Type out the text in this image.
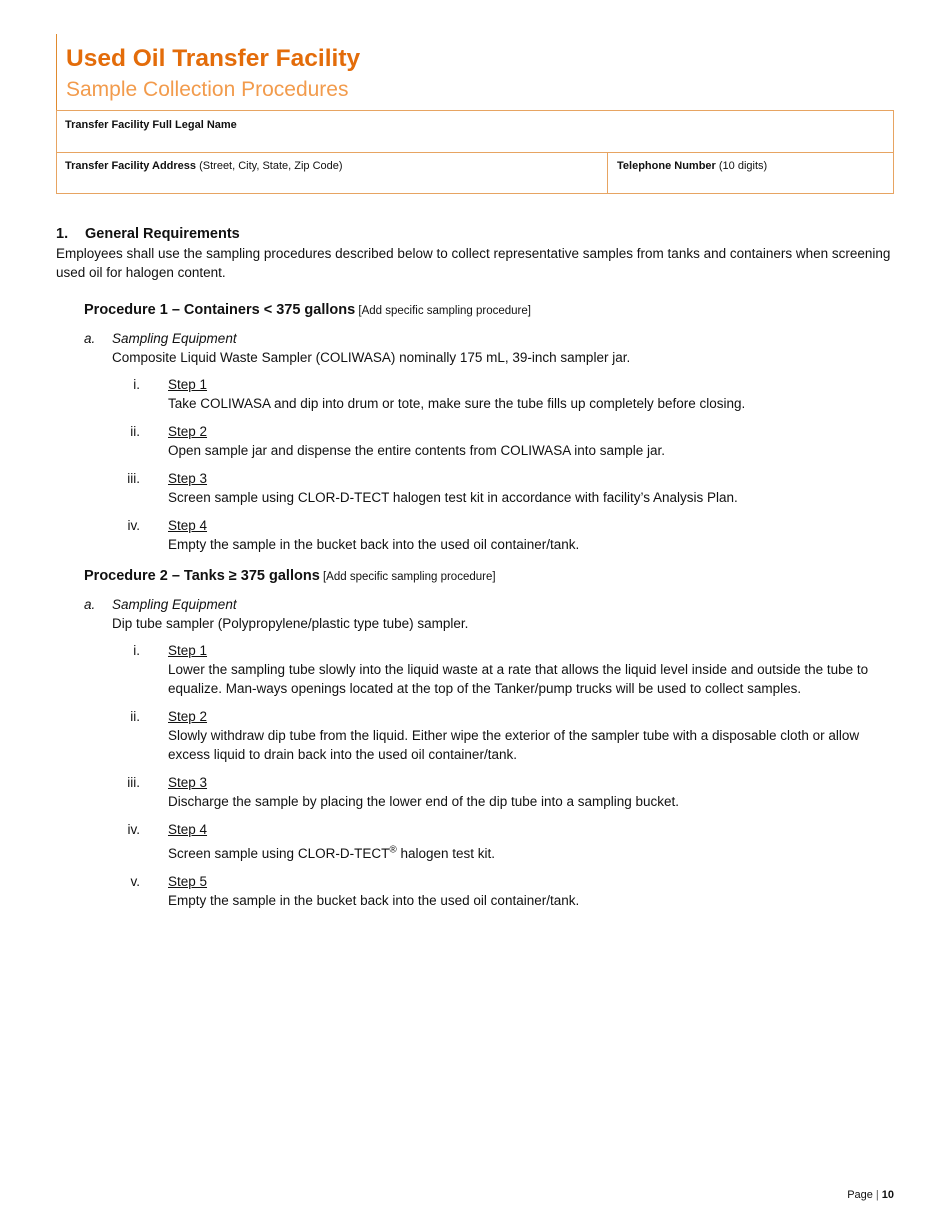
Used Oil Transfer Facility
Sample Collection Procedures
Transfer Facility Full Legal Name
Transfer Facility Address (Street, City, State, Zip Code)	Telephone Number (10 digits)
1. General Requirements

Employees shall use the sampling procedures described below to collect representative samples from tanks and containers when screening used oil for halogen content.

Procedure 1 – Containers < 375 gallons [Add specific sampling procedure]
a.	Sampling Equipment
Composite Liquid Waste Sampler (COLIWASA) nominally 175 mL, 39-inch sampler jar.
i.	Step 1
Take COLIWASA and dip into drum or tote, make sure the tube fills up completely before closing.
ii.	Step 2
Open sample jar and dispense the entire contents from COLIWASA into sample jar.
iii.	Step 3
Screen sample using CLOR-D-TECT halogen test kit in accordance with facility’s Analysis Plan.
iv.	Step 4
Empty the sample in the bucket back into the used oil container/tank.
Procedure 2 – Tanks ≥ 375 gallons [Add specific sampling procedure]
a.	Sampling Equipment
Dip tube sampler (Polypropylene/plastic type tube) sampler.
i.	Step 1
Lower the sampling tube slowly into the liquid waste at a rate that allows the liquid level inside and outside the tube to equalize. Man-ways openings located at the top of the Tanker/pump trucks will be used to collect samples.
ii.	Step 2
Slowly withdraw dip tube from the liquid. Either wipe the exterior of the sampler tube with a disposable cloth or allow excess liquid to drain back into the used oil container/tank.
iii.	Step 3
Discharge the sample by placing the lower end of the dip tube into a sampling bucket.
iv.	Step 4
Screen sample using CLOR-D-TECT® halogen test kit.
v.	Step 5
Empty the sample in the bucket back into the used oil container/tank.
Page | 10
